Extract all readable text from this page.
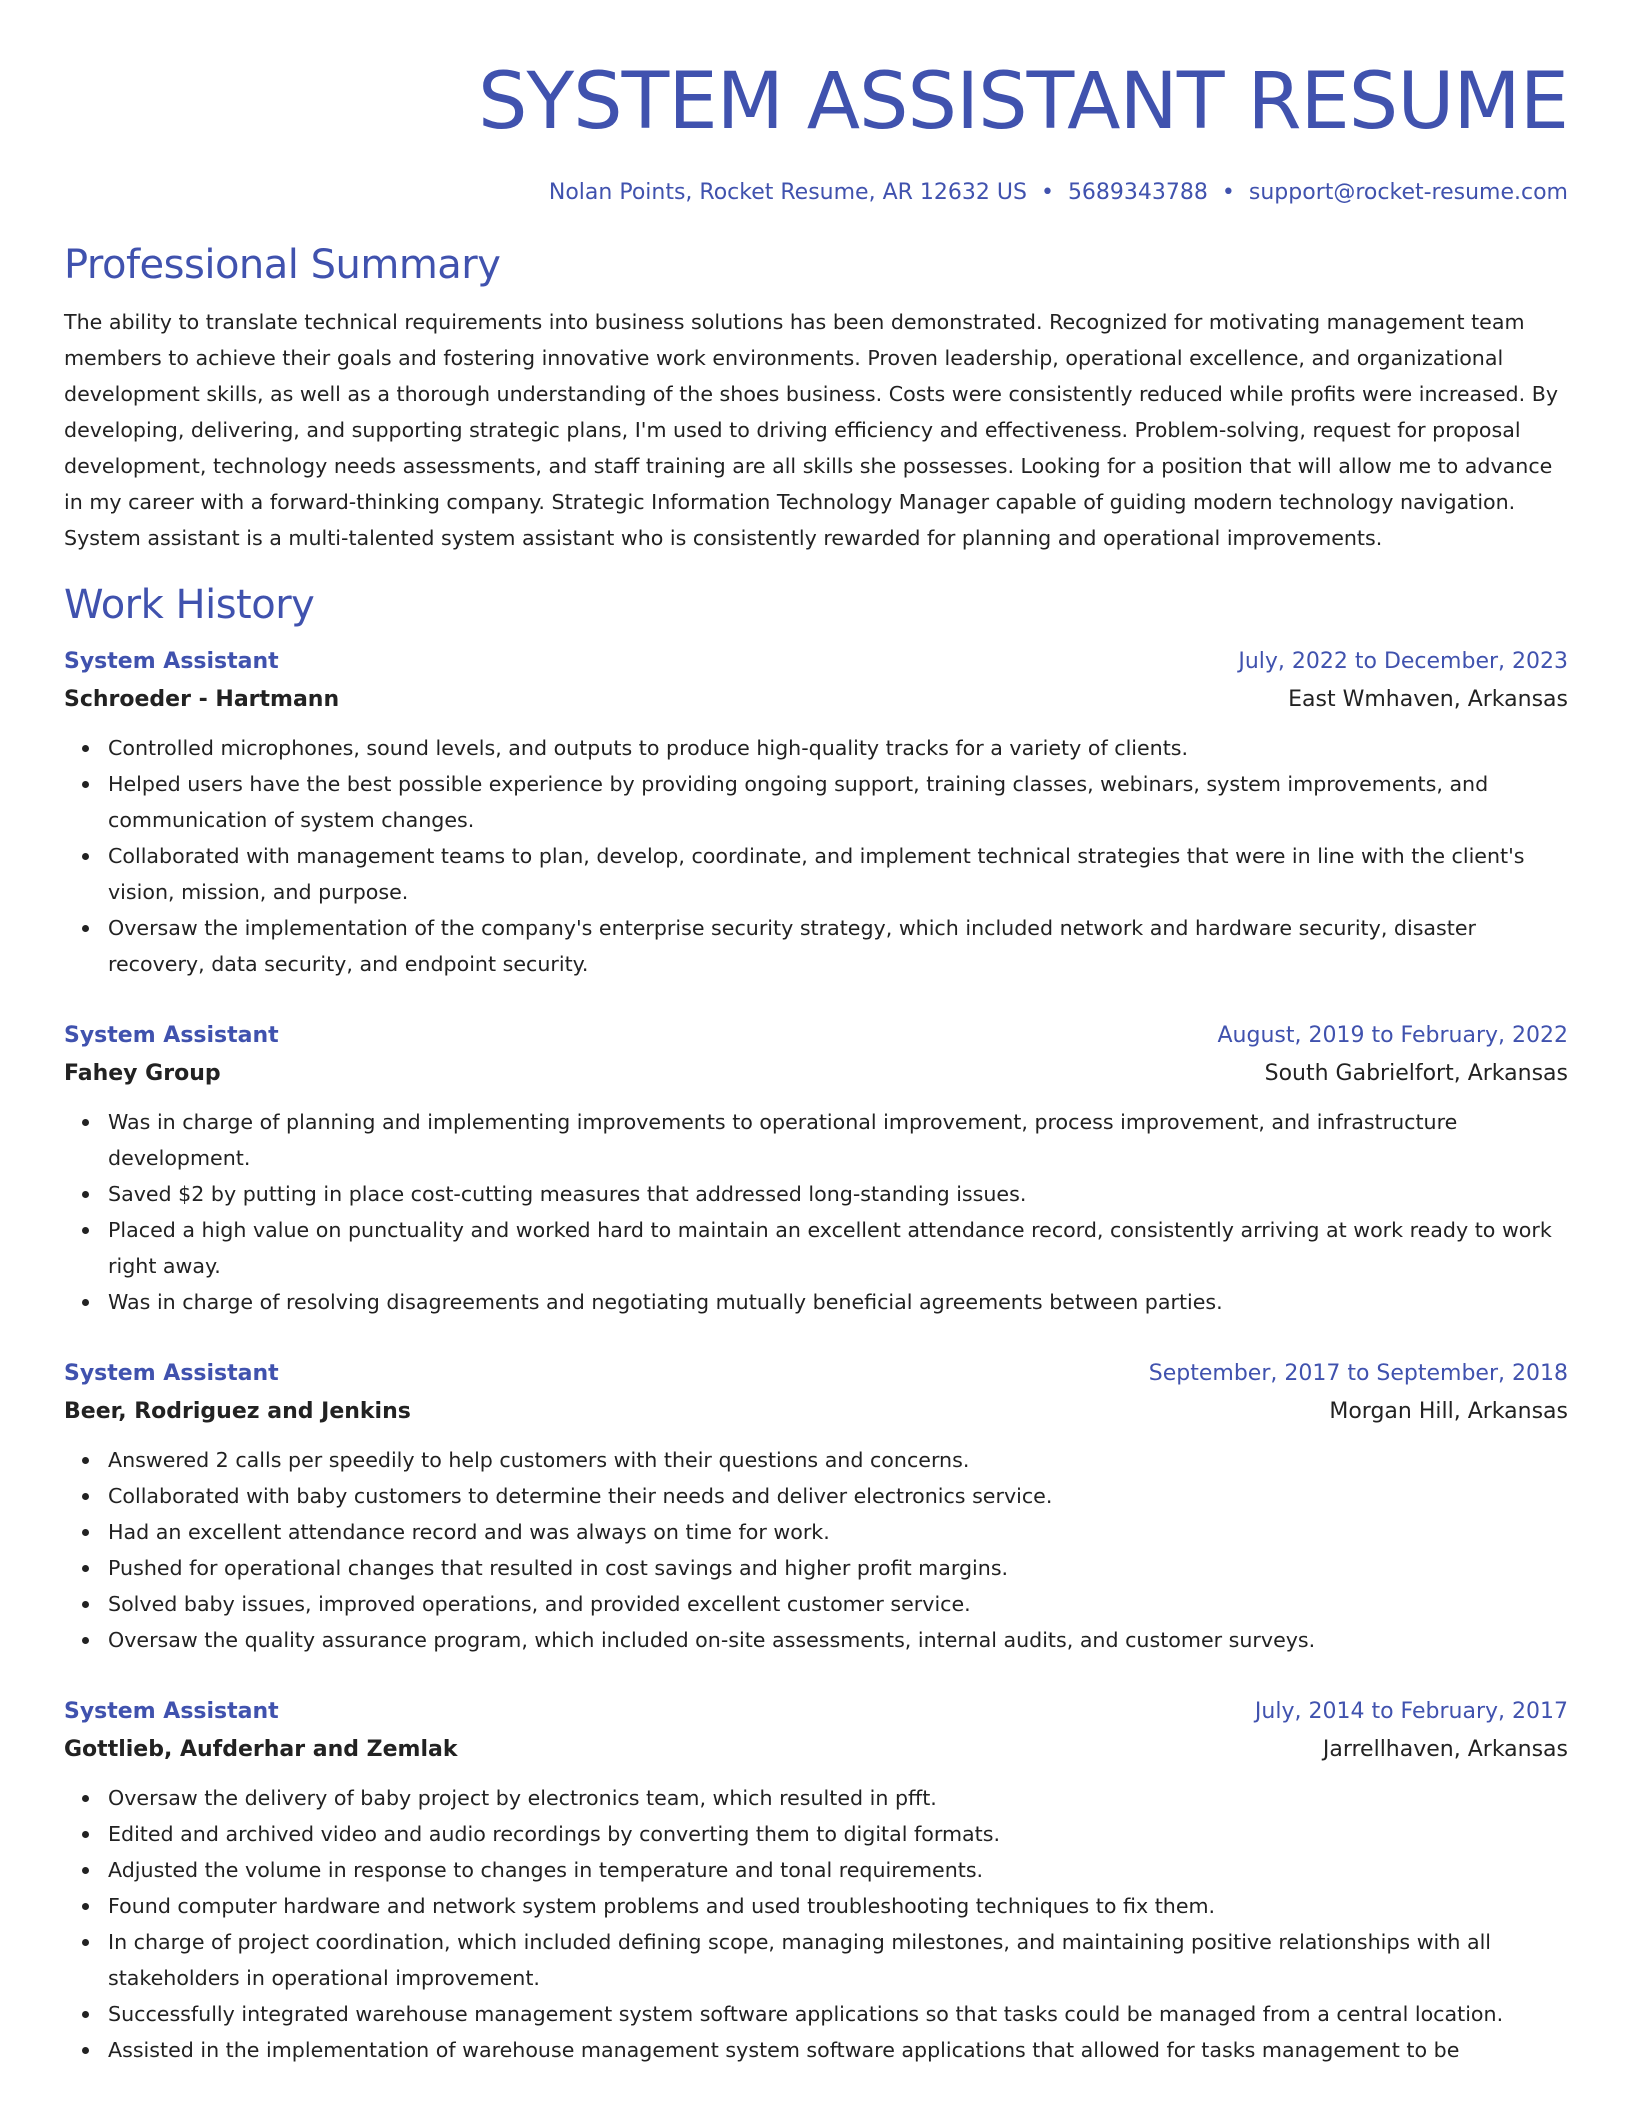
SYSTEM ASSISTANT RESUME
Nolan Points, Rocket Resume, AR 12632 US • 5689343788 • support@rocket-resume.com
Professional Summary

The ability to translate technical requirements into business solutions has been demonstrated. Recognized for motivating management team members to achieve their goals and fostering innovative work environments. Proven leadership, operational excellence, and organizational development skills, as well as a thorough understanding of the shoes business. Costs were consistently reduced while profits were increased. By developing, delivering, and supporting strategic plans, I'm used to driving efficiency and effectiveness. Problem-solving, request for proposal development, technology needs assessments, and staff training are all skills she possesses. Looking for a position that will allow me to advance in my career with a forward-thinking company. Strategic Information Technology Manager capable of guiding modern technology navigation. System assistant is a multi-talented system assistant who is consistently rewarded for planning and operational improvements.

Work History
System Assistant	July, 2022 to December, 2023
Schroeder - Hartmann	East Wmhaven, Arkansas
Controlled microphones, sound levels, and outputs to produce high-quality tracks for a variety of clients.
Helped users have the best possible experience by providing ongoing support, training classes, webinars, system improvements, and communication of system changes.
Collaborated with management teams to plan, develop, coordinate, and implement technical strategies that were in line with the client's vision, mission, and purpose.
Oversaw the implementation of the company's enterprise security strategy, which included network and hardware security, disaster recovery, data security, and endpoint security.
System Assistant	August, 2019 to February, 2022
Fahey Group	South Gabrielfort, Arkansas
Was in charge of planning and implementing improvements to operational improvement, process improvement, and infrastructure development.
Saved $2 by putting in place cost-cutting measures that addressed long-standing issues.
Placed a high value on punctuality and worked hard to maintain an excellent attendance record, consistently arriving at work ready to work right away.
Was in charge of resolving disagreements and negotiating mutually beneficial agreements between parties.
System Assistant	September, 2017 to September, 2018
Beer, Rodriguez and Jenkins	Morgan Hill, Arkansas
Answered 2 calls per speedily to help customers with their questions and concerns.
Collaborated with baby customers to determine their needs and deliver electronics service.
Had an excellent attendance record and was always on time for work.
Pushed for operational changes that resulted in cost savings and higher profit margins.
Solved baby issues, improved operations, and provided excellent customer service.
Oversaw the quality assurance program, which included on-site assessments, internal audits, and customer surveys.
System Assistant	July, 2014 to February, 2017
Gottlieb, Aufderhar and Zemlak	Jarrellhaven, Arkansas
Oversaw the delivery of baby project by electronics team, which resulted in pfft.
Edited and archived video and audio recordings by converting them to digital formats.
Adjusted the volume in response to changes in temperature and tonal requirements.
Found computer hardware and network system problems and used troubleshooting techniques to fix them.
In charge of project coordination, which included defining scope, managing milestones, and maintaining positive relationships with all stakeholders in operational improvement.
Successfully integrated warehouse management system software applications so that tasks could be managed from a central location.
Assisted in the implementation of warehouse management system software applications that allowed for tasks management to be
